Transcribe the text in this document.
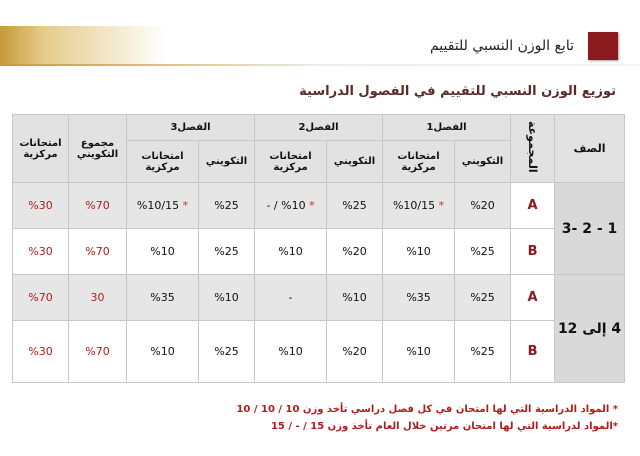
تابع الوزن النسبي للتقييم
توزيع الوزن النسبي للتقييم في الفصول الدراسية
الصف	المجموعة	الفصل1		الفصل2		الفصل3		مجموع التكويني	امتحانات مركزية	
		التكويني	امتحانات مركزية	التكويني	امتحانات مركزية	التكويني	امتحانات مركزية			
1 - 2 -3	A	%20	* %10/15	%25	* %10 / -	%25	* %10/15	%70	%30	
	B	%25	%10	%20	%10	%25	%10	%70	%30	
4 إلى 12	A	%25	%35	%10	-	%10	%35	30	%70	
	B	%25	%10	%20	%10	%25	%10	%70	%30	
* المواد الدراسية التي لها امتحان في كل فصل دراسي تأخذ وزن 10 / 10 / 10
*المواد لدراسية التي لها امتحان مرتين خلال العام تأخذ وزن 15 / - / 15
